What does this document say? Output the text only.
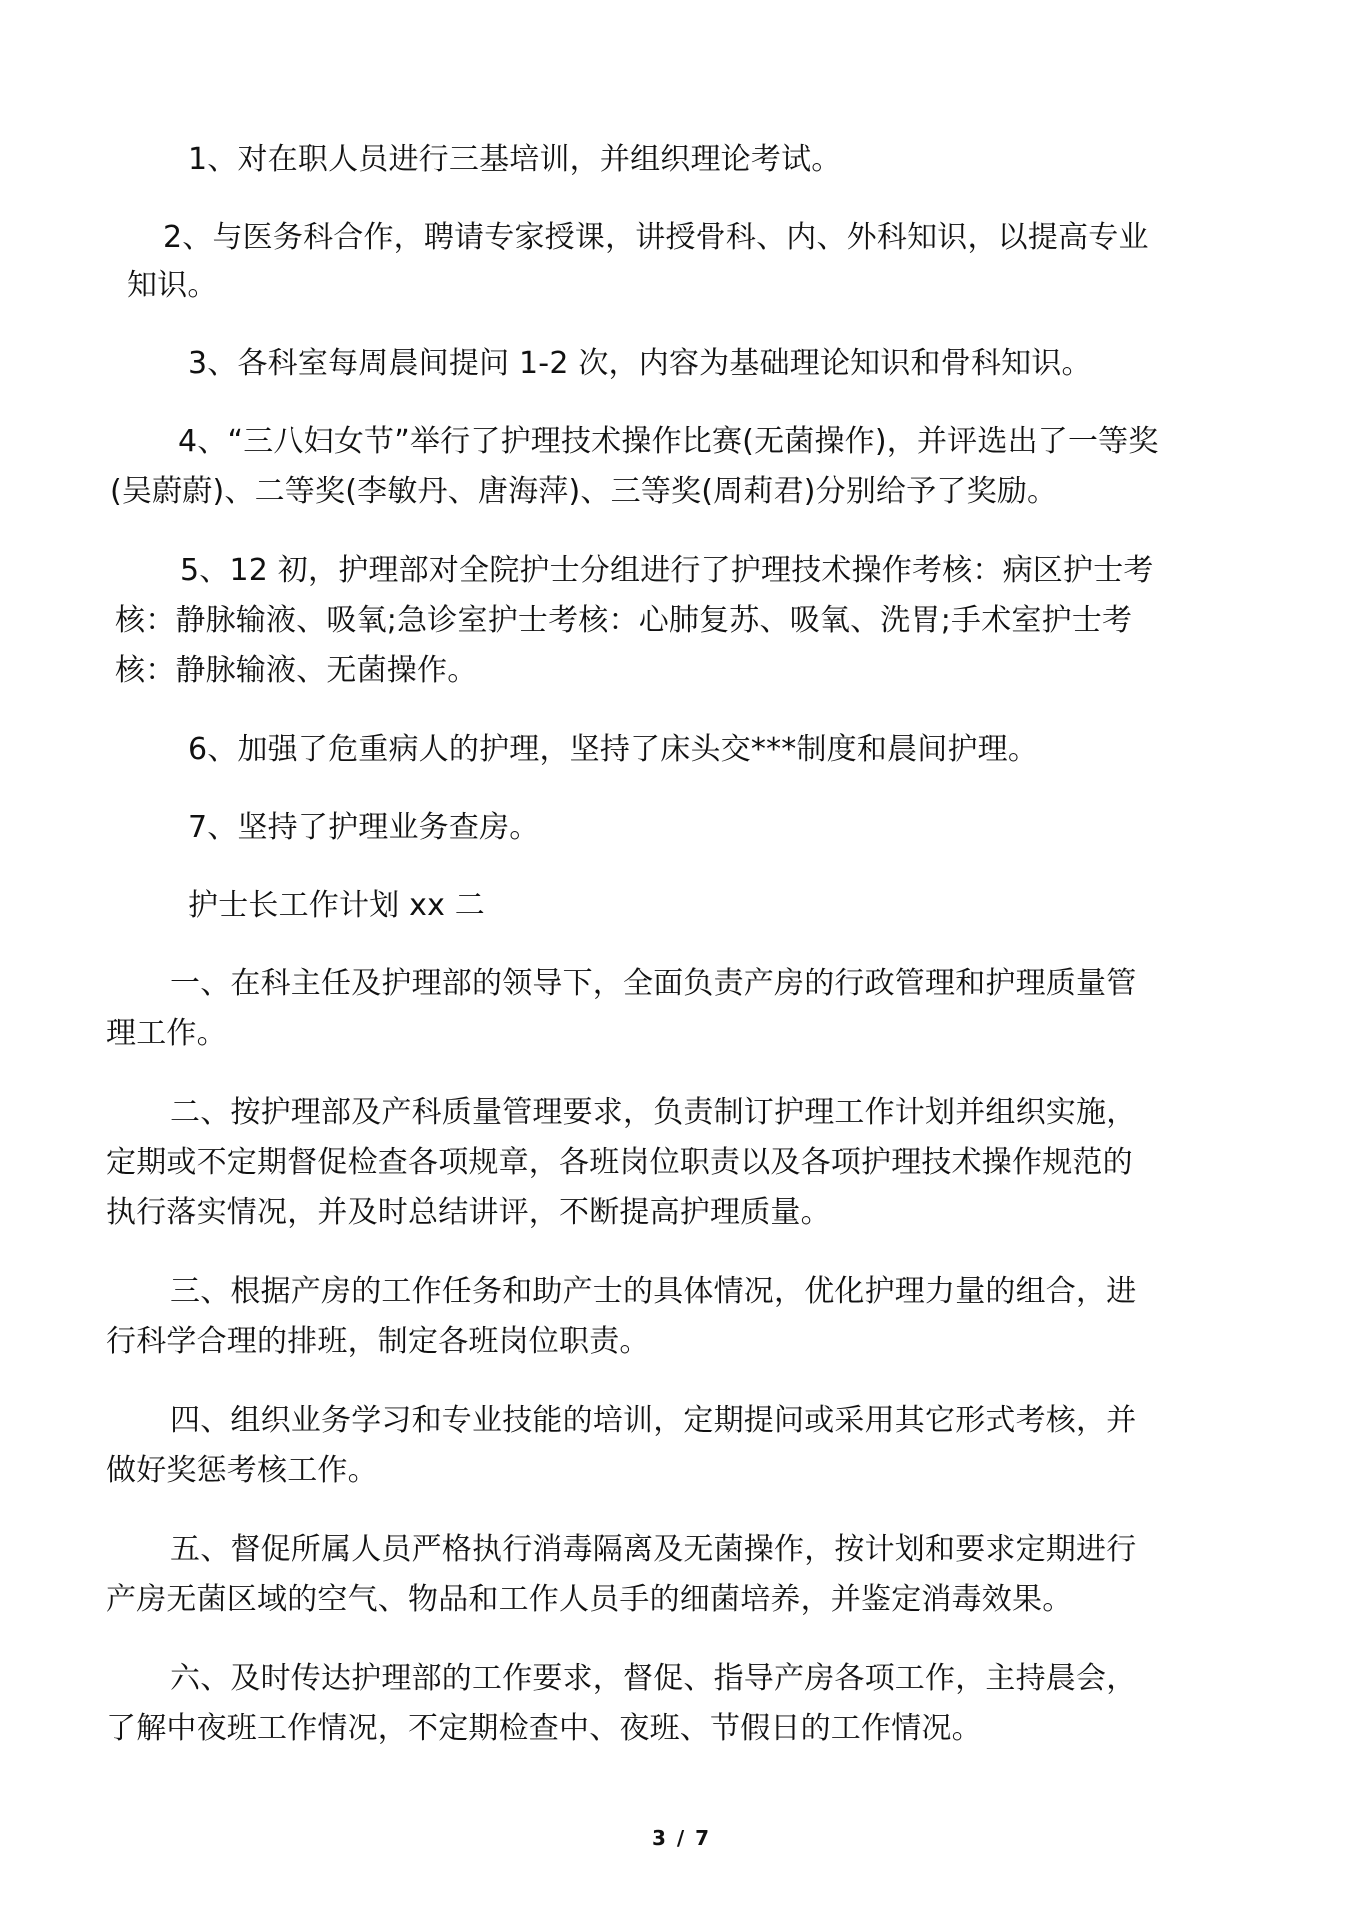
1、对在职人员进行三基培训，并组织理论考试。
2、与医务科合作，聘请专家授课，讲授骨科、内、外科知识，以提高专业
知识。
3、各科室每周晨间提问 1-2 次，内容为基础理论知识和骨科知识。
4、“三八妇女节”举行了护理技术操作比赛(无菌操作)，并评选出了一等奖
(吴蔚蔚)、二等奖(李敏丹、唐海萍)、三等奖(周莉君)分别给予了奖励。
5、12 初，护理部对全院护士分组进行了护理技术操作考核：病区护士考
核：静脉输液、吸氧;急诊室护士考核：心肺复苏、吸氧、洗胃;手术室护士考
核：静脉输液、无菌操作。
6、加强了危重病人的护理，坚持了床头交***制度和晨间护理。
7、坚持了护理业务查房。
护士长工作计划 xx 二
一、在科主任及护理部的领导下，全面负责产房的行政管理和护理质量管
理工作。
二、按护理部及产科质量管理要求，负责制订护理工作计划并组织实施，
定期或不定期督促检查各项规章，各班岗位职责以及各项护理技术操作规范的
执行落实情况，并及时总结讲评，不断提高护理质量。
三、根据产房的工作任务和助产士的具体情况，优化护理力量的组合，进
行科学合理的排班，制定各班岗位职责。
四、组织业务学习和专业技能的培训，定期提问或采用其它形式考核，并
做好奖惩考核工作。
五、督促所属人员严格执行消毒隔离及无菌操作，按计划和要求定期进行
产房无菌区域的空气、物品和工作人员手的细菌培养，并鉴定消毒效果。
六、及时传达护理部的工作要求，督促、指导产房各项工作，主持晨会，
了解中夜班工作情况，不定期检查中、夜班、节假日的工作情况。
3 / 7
